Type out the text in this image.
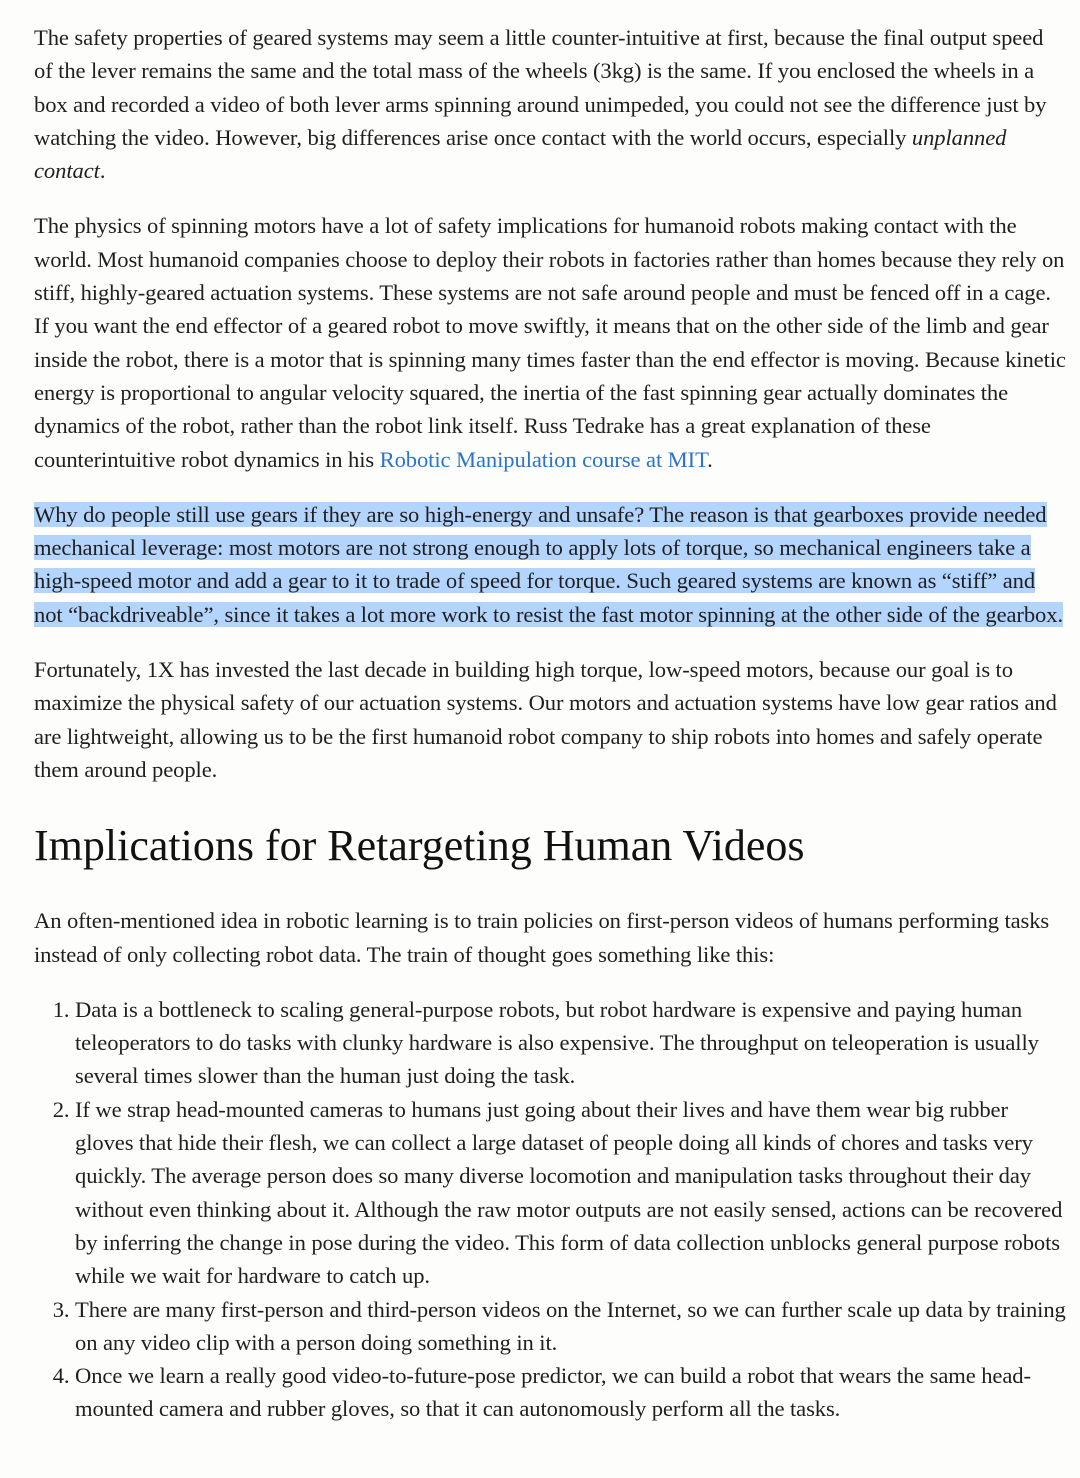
The safety properties of geared systems may seem a little counter-intuitive at first, because the final output speed of the lever remains the same and the total mass of the wheels (3kg) is the same. If you enclosed the wheels in a box and recorded a video of both lever arms spinning around unimpeded, you could not see the difference just by watching the video. However, big differences arise once contact with the world occurs, especially unplanned contact.

The physics of spinning motors have a lot of safety implications for humanoid robots making contact with the world. Most humanoid companies choose to deploy their robots in factories rather than homes because they rely on stiff, highly-geared actuation systems. These systems are not safe around people and must be fenced off in a cage. If you want the end effector of a geared robot to move swiftly, it means that on the other side of the limb and gear inside the robot, there is a motor that is spinning many times faster than the end effector is moving. Because kinetic energy is proportional to angular velocity squared, the inertia of the fast spinning gear actually dominates the dynamics of the robot, rather than the robot link itself. Russ Tedrake has a great explanation of these counterintuitive robot dynamics in his Robotic Manipulation course at MIT.

Why do people still use gears if they are so high-energy and unsafe? The reason is that gearboxes provide needed mechanical leverage: most motors are not strong enough to apply lots of torque, so mechanical engineers take a high-speed motor and add a gear to it to trade of speed for torque. Such geared systems are known as “stiff” and not “backdriveable”, since it takes a lot more work to resist the fast motor spinning at the other side of the gearbox.

Fortunately, 1X has invested the last decade in building high torque, low-speed motors, because our goal is to maximize the physical safety of our actuation systems. Our motors and actuation systems have low gear ratios and are lightweight, allowing us to be the first humanoid robot company to ship robots into homes and safely operate them around people.

Implications for Retargeting Human Videos

An often-mentioned idea in robotic learning is to train policies on first-person videos of humans performing tasks instead of only collecting robot data. The train of thought goes something like this:

1. Data is a bottleneck to scaling general-purpose robots, but robot hardware is expensive and paying human teleoperators to do tasks with clunky hardware is also expensive. The throughput on teleoperation is usually several times slower than the human just doing the task.
2. If we strap head-mounted cameras to humans just going about their lives and have them wear big rubber gloves that hide their flesh, we can collect a large dataset of people doing all kinds of chores and tasks very quickly. The average person does so many diverse locomotion and manipulation tasks throughout their day without even thinking about it. Although the raw motor outputs are not easily sensed, actions can be recovered by inferring the change in pose during the video. This form of data collection unblocks general purpose robots while we wait for hardware to catch up.
3. There are many first-person and third-person videos on the Internet, so we can further scale up data by training on any video clip with a person doing something in it.
4. Once we learn a really good video-to-future-pose predictor, we can build a robot that wears the same head-mounted camera and rubber gloves, so that it can autonomously perform all the tasks.
